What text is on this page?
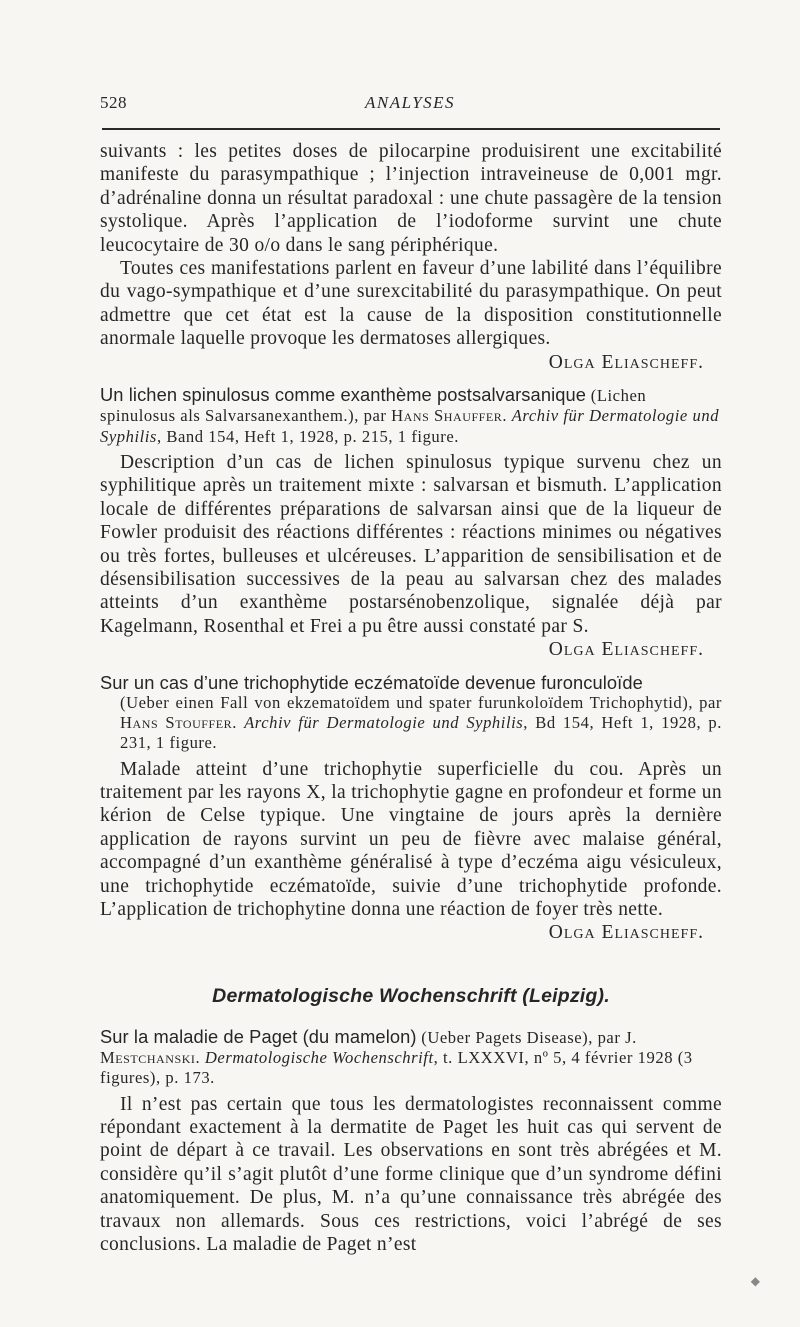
528	ANALYSES

suivants : les petites doses de pilocarpine produisirent une excitabilité manifeste du parasympathique ; l’injection intraveineuse de 0,001 mgr. d’adrénaline donna un résultat paradoxal : une chute passagère de la tension systolique. Après l’application de l’iodoforme survint une chute leucocytaire de 30 o/o dans le sang périphérique.

Toutes ces manifestations parlent en faveur d’une labilité dans l’équilibre du vago-sympathique et d’une surexcitabilité du parasympathique. On peut admettre que cet état est la cause de la disposition constitutionnelle anormale laquelle provoque les dermatoses allergiques.
Olga Eliascheff.

Un lichen spinulosus comme exanthème postsalvarsanique (Lichen spinulosus als Salvarsanexanthem.), par Hans Shauffer. Archiv für Dermatologie und Syphilis, Band 154, Heft 1, 1928, p. 215, 1 figure.

Description d’un cas de lichen spinulosus typique survenu chez un syphilitique après un traitement mixte : salvarsan et bismuth. L’application locale de différentes préparations de salvarsan ainsi que de la liqueur de Fowler produisit des réactions différentes : réactions minimes ou négatives ou très fortes, bulleuses et ulcéreuses. L’apparition de sensibilisation et de désensibilisation successives de la peau au salvarsan chez des malades atteints d’un exanthème postarsénobenzolique, signalée déjà par Kagelmann, Rosenthal et Frei a pu être aussi constaté par S.
Olga Eliascheff.

Sur un cas d’une trichophytide eczématoïde devenue furonculoïde
(Ueber einen Fall von ekzematoïdem und spater furunkoloïdem Trichophytid), par Hans Stouffer. Archiv für Dermatologie und Syphilis, Bd 154, Heft 1, 1928, p. 231, 1 figure.

Malade atteint d’une trichophytie superficielle du cou. Après un traitement par les rayons X, la trichophytie gagne en profondeur et forme un kérion de Celse typique. Une vingtaine de jours après la dernière application de rayons survint un peu de fièvre avec malaise général, accompagné d’un exanthème généralisé à type d’eczéma aigu vésiculeux, une trichophytide eczématoïde, suivie d’une trichophytide profonde. L’application de trichophytine donna une réaction de foyer très nette.
Olga Eliascheff.

Dermatologische Wochenschrift (Leipzig).
Sur la maladie de Paget (du mamelon) (Ueber Pagets Disease), par J. Mestchanski. Dermatologische Wochenschrift, t. LXXXVI, nº 5, 4 février 1928 (3 figures), p. 173.

Il n’est pas certain que tous les dermatologistes reconnaissent comme répondant exactement à la dermatite de Paget les huit cas qui servent de point de départ à ce travail. Les observations en sont très abrégées et M. considère qu’il s’agit plutôt d’une forme clinique que d’un syndrome défini anatomiquement. De plus, M. n’a qu’une connaissance très abrégée des travaux non allemards. Sous ces restrictions, voici l’abrégé de ses conclusions. La maladie de Paget n’est

◆
